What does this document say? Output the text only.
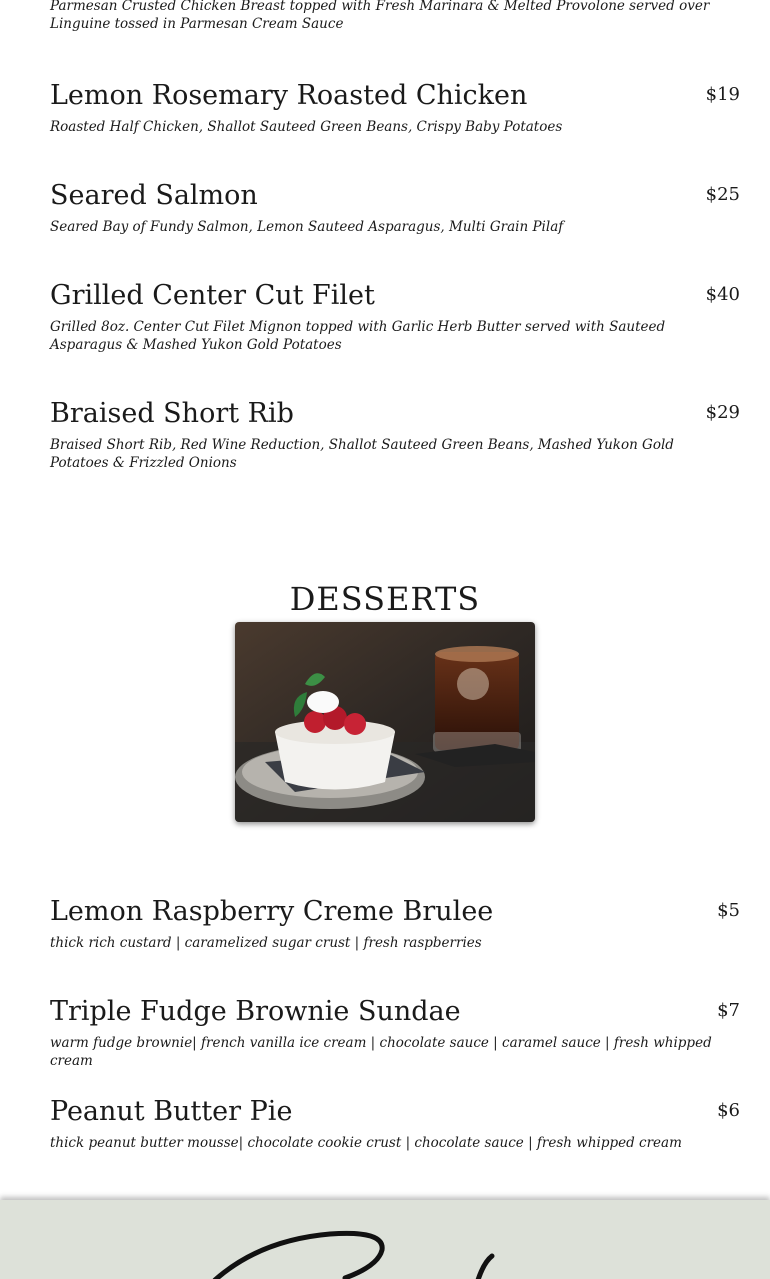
Parmesan Crusted Chicken Breast topped with Fresh Marinara & Melted Provolone served over Linguine tossed in Parmesan Cream Sauce
Lemon Rosemary Roasted Chicken	$19
Roasted Half Chicken, Shallot Sauteed Green Beans, Crispy Baby Potatoes
Seared Salmon	$25
Seared Bay of Fundy Salmon, Lemon Sauteed Asparagus, Multi Grain Pilaf
Grilled Center Cut Filet	$40
Grilled 8oz. Center Cut Filet Mignon topped with Garlic Herb Butter served with Sauteed Asparagus & Mashed Yukon Gold Potatoes
Braised Short Rib	$29
Braised Short Rib, Red Wine Reduction, Shallot Sauteed Green Beans, Mashed Yukon Gold Potatoes & Frizzled Onions
DESSERTS
Lemon Raspberry Creme Brulee	$5
thick rich custard | caramelized sugar crust | fresh raspberries
Triple Fudge Brownie Sundae	$7
warm fudge brownie| french vanilla ice cream | chocolate sauce | caramel sauce | fresh whipped cream
Peanut Butter Pie	$6
thick peanut butter mousse| chocolate cookie crust | chocolate sauce | fresh whipped cream
